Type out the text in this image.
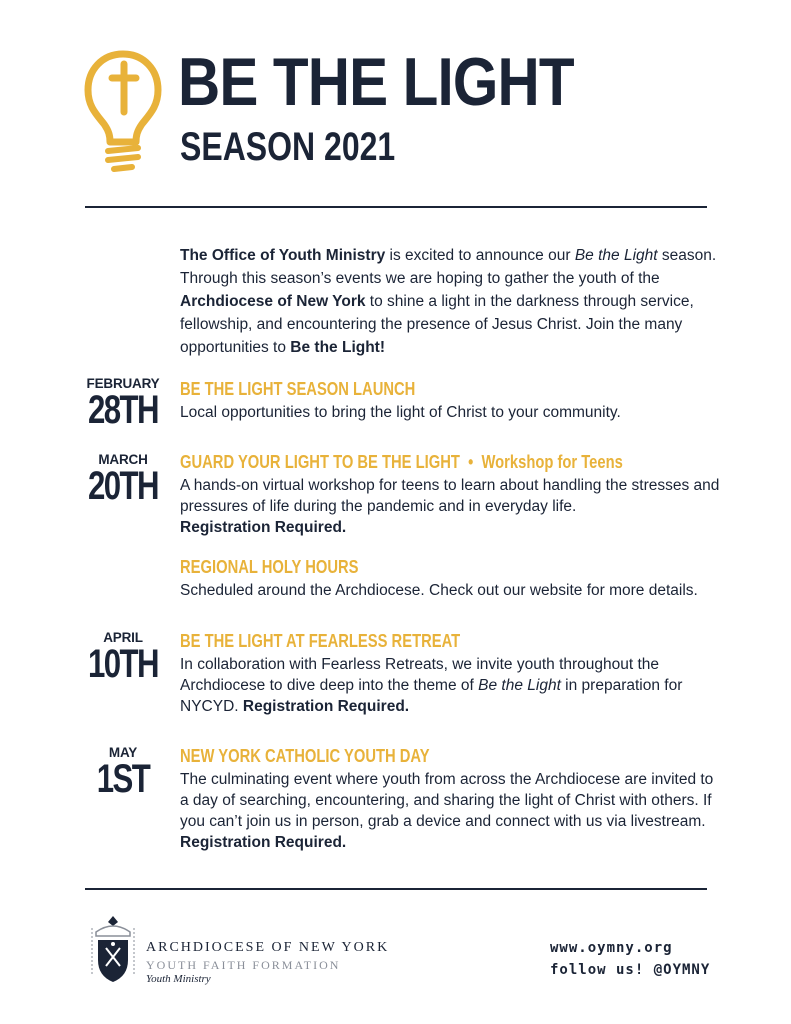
BE THE LIGHT
SEASON 2021
The Office of Youth Ministry is excited to announce our Be the Light season. Through this season’s events we are hoping to gather the youth of the Archdiocese of New York to shine a light in the darkness through service, fellowship, and encountering the presence of Jesus Christ. Join the many opportunities to Be the Light!
FEBRUARY
28TH BE THE LIGHT SEASON LAUNCH
Local opportunities to bring the light of Christ to your community.
MARCH
20TH
GUARD YOUR LIGHT TO BE THE LIGHT  •  Workshop for Teens
A hands-on virtual workshop for teens to learn about handling the stresses and pressures of life during the pandemic and in everyday life.
Registration Required.
REGIONAL HOLY HOURS
Scheduled around the Archdiocese. Check out our website for more details.
APRIL
10TH
BE THE LIGHT AT FEARLESS RETREAT
In collaboration with Fearless Retreats, we invite youth throughout the Archdiocese to dive deep into the theme of Be the Light in preparation for NYCYD. Registration Required.
MAY
1ST
NEW YORK CATHOLIC YOUTH DAY
The culminating event where youth from across the Archdiocese are invited to a day of searching, encountering, and sharing the light of Christ with others. If you can’t join us in person, grab a device and connect with us via livestream. Registration Required.
ARCHDIOCESE OF NEW YORK
YOUTH FAITH FORMATION
Youth Ministry
www.oymny.org
follow us! @OYMNY
